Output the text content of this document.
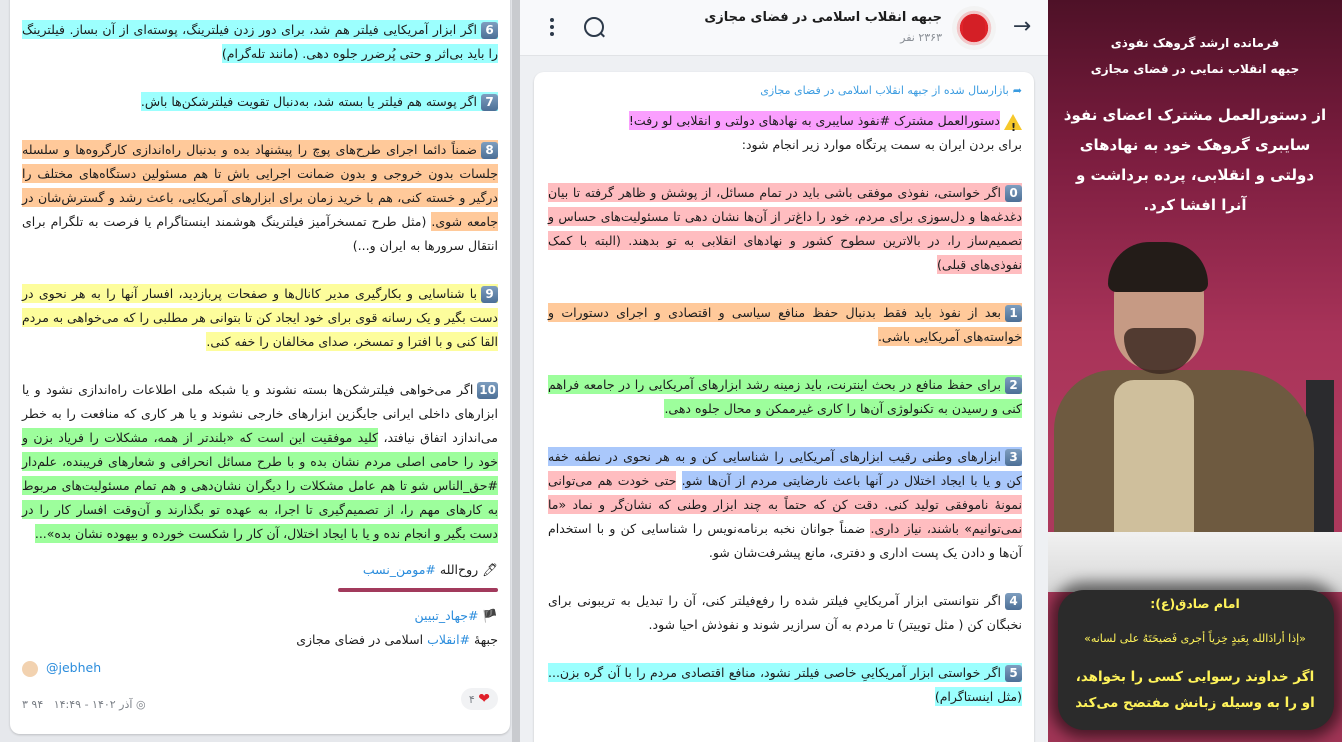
6اگر ابزار آمریکایی فیلتر هم شد، برای دور زدن فیلترینگ، پوسته‌ای از آن بساز. فیلترینگ را باید بی‌اثر و حتی پُرضرر جلوه دهی. (مانند تله‌گرام)

7اگر پوسته هم فیلتر یا بسته شد، به‌دنبال تقویت فیلترشکن‌ها باش.

8ضمناً دائما اجرای طرح‌های پوچ را پیشنهاد بده و بدنبال راه‌اندازی کارگروه‌ها و سلسله جلسات بدون خروجی و بدون ضمانت اجرایی باش تا هم مسئولین دستگاه‌های مختلف را درگیر و خسته کنی، هم با خرید زمان برای ابزارهای آمریکایی، باعث رشد و گسترش‌شان در جامعه شوی. (مثل طرح تمسخرآمیز فیلترینگ هوشمند اینستاگرام یا فرصت به تلگرام برای انتقال سرورها به ایران و...)

9با شناسایی و بکارگیری مدیر کانال‌ها و صفحات پربازدید، افسار آنها را به هر نحوی در دست بگیر و یک رسانه قوی برای خود ایجاد کن تا بتوانی هر مطلبی را که می‌خواهی به مردم القا کنی و با افترا و تمسخر، صدای مخالفان را خفه کنی.

10اگر می‌خواهی فیلترشکن‌ها بسته نشوند و یا شبکه ملی اطلاعات راه‌اندازی نشود و یا ابزارهای داخلی ایرانی جایگزین ابزارهای خارجی نشوند و یا هر کاری که منافعت را به خطر می‌اندازد اتفاق نیافتد، کلید موفقیت این است که «بلندتر از همه، مشکلات را فریاد بزن و خود را حامی اصلی مردم نشان بده و با طرح مسائل انحرافی و شعارهای فریبنده، علم‌دار #حق_الناس شو تا هم عامل مشکلات را دیگران نشان‌دهی و هم تمام مسئولیت‌های مربوط به کارهای مهم را، از تصمیم‌گیری تا اجرا، به عهده تو بگذارند و آن‌وقت افسار کار را در دست بگیر و انجام نده و یا با ایجاد اختلال، آن کار را شکست خورده و بیهوده نشان بده»...

🖊 روح‌الله #مومن_نسب
🏴 #جهاد_تبیین
جبههٔ #انقلاب اسلامی در فضای مجازی
@jebheh
❤ ۴
۳ آذر ۱۴۰۲ - ۱۴:۴۹   ۹۴	◎
→
جبهه انقلاب اسلامی در فضای مجازی
۲۳۶۳ نفر
➦بازارسال شده از جبهه انقلاب اسلامی در فضای مجازی

!دستورالعمل مشترک #نفوذ سایبری به نهادهای دولتی و انقلابی لو رفت!

برای بردن ایران به سمت پرتگاه موارد زیر انجام شود:

0اگر خواستی، نفوذی موفقی باشی باید در تمام مسائل، از پوشش و ظاهر گرفته تا بیان دغدغه‌ها و دل‌سوزی برای مردم، خود را داغ‌تر از آن‌ها نشان دهی تا مسئولیت‌های حساس و تصمیم‌ساز را، در بالاترین سطوح کشور و نهادهای انقلابی به تو بدهند. (البته با کمک نفوذی‌های قبلی)

1بعد از نفوذ باید فقط بدنبال حفظ منافع سیاسی و اقتصادی و اجرای دستورات و خواسته‌های آمریکایی باشی.

2برای حفظ منافع در بحث اینترنت، باید زمینه رشد ابزارهای آمریکایی را در جامعه فراهم کنی و رسیدن به تکنولوژی آن‌ها را کاری غیرممکن و محال جلوه دهی.

3ابزارهای وطنی رقیب ابزارهای آمریکایی را شناسایی کن و به هر نحوی در نطفه خفه کن و یا با ایجاد اختلال در آنها باعث نارضایتی مردم از آن‌ها شو. حتی خودت هم می‌توانی نمونهٔ ناموفقی تولید کنی. دقت کن که حتماً به چند ابزار وطنی که نشان‌گر و نماد «ما نمی‌توانیم» باشند، نیاز داری. ضمناً جوانان نخبه برنامه‌نویس را شناسایی کن و با استخدام آن‌ها و دادن یک پست اداری و دفتری، مانع پیشرفت‌شان شو.

4اگر نتوانستی ابزار آمریکاییِ فیلتر شده را رفع‌فیلتر کنی، آن را تبدیل به تریبونی برای نخبگان کن ( مثل توییتر) تا مردم به آن سرازیر شوند و نفوذش احیا شود.

5اگر خواستی ابزار آمریکاییِ خاصی فیلتر نشود، منافع اقتصادی مردم را با آن گره بزن... (مثل اینستاگرام)

فرمانده ارشد گروهک نفوذی
جبهه انقلاب نمایی در فضای مجازی
از دستورالعمل مشترک اعضای نفوذ سایبری گروهک خود به نهادهای دولتی و انقلابی، پرده برداشت و آنرا افشا کرد.
امام صادق(ع):
«إذا أرادَالله بِعَبدٍ خِزياً أجری فَضيحَتَهُ علی لسانه»
اگر خداوند رسوایی کسی را بخواهد، او را به وسیله زبانش مفتضح می‌کند
